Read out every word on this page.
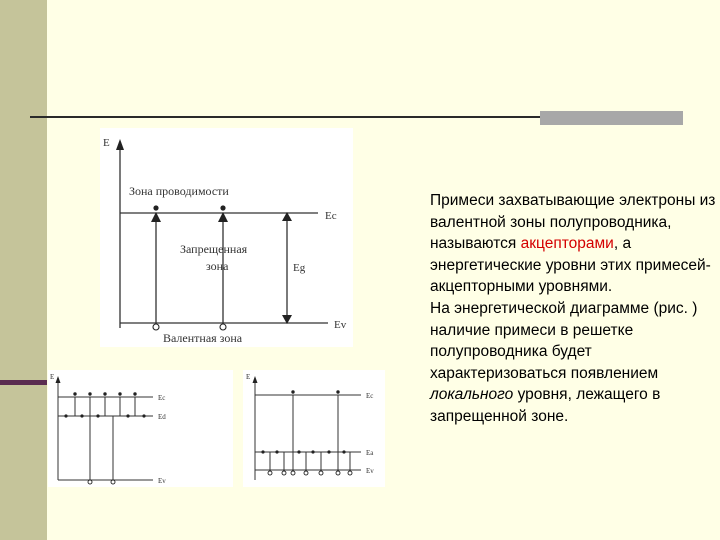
E
Зона проводимости
Запрещенная
зона
Валентная зона
Ec
Eg
Ev
E
Ec
Ed
Ev
E
Ec
Ea
Ev

Примеси захватывающие электроны из валентной зоны полупроводника, называются акцепторами, а энергетические уровни этих примесей-акцепторными уровнями.

На энергетической диаграмме (рис. ) наличие примеси в решетке полупроводника будет характеризоваться появлением локального уровня, лежащего в запрещенной зоне.
